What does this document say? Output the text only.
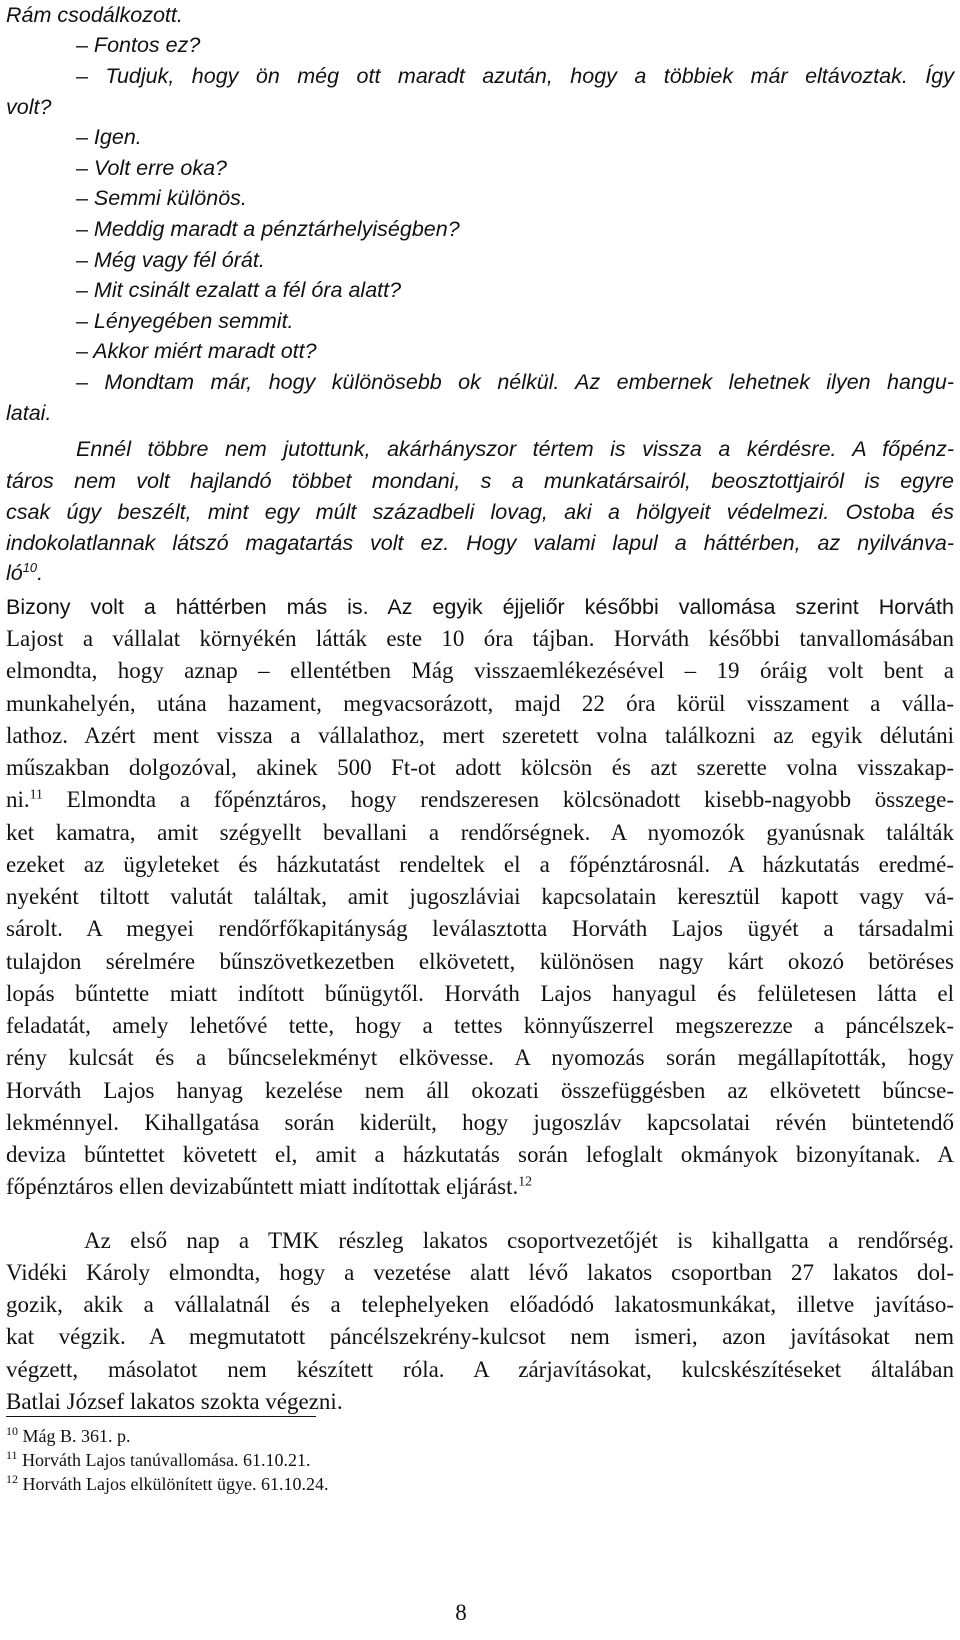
Rám csodálkozott.
– Fontos ez?
– Tudjuk, hogy ön még ott maradt azután, hogy a többiek már eltávoztak. Így
volt?
– Igen.
– Volt erre oka?
– Semmi különös.
– Meddig maradt a pénztárhelyiségben?
– Még vagy fél órát.
– Mit csinált ezalatt a fél óra alatt?
– Lényegében semmit.
– Akkor miért maradt ott?
– Mondtam már, hogy különösebb ok nélkül. Az embernek lehetnek ilyen hangu-
latai.
Ennél többre nem jutottunk, akárhányszor tértem is vissza a kérdésre. A főpénz-
táros nem volt hajlandó többet mondani, s a munkatársairól, beosztottjairól is egyre
csak úgy beszélt, mint egy múlt századbeli lovag, aki a hölgyeit védelmezi. Ostoba és
indokolatlannak látszó magatartás volt ez. Hogy valami lapul a háttérben, az nyilvánva-
$ló^{10}$.
Bizony volt a háttérben más is. Az egyik éjjeliőr későbbi vallomása szerint Horváth
Lajost a vállalat környékén látták este 10 óra tájban. Horváth későbbi tanvallomásában
elmondta, hogy aznap – ellentétben Mág visszaemlékezésével – 19 óráig volt bent a
munkahelyén, utána hazament, megvacsorázott, majd 22 óra körül visszament a válla-
lathoz. Azért ment vissza a vállalathoz, mert szeretett volna találkozni az egyik délutáni
műszakban dolgozóval, akinek 500 Ft-ot adott kölcsön és azt szerette volna visszakap-
ni.$^{11}$ Elmondta a főpénztáros, hogy rendszeresen kölcsönadott kisebb-nagyobb összege-
ket kamatra, amit szégyellt bevallani a rendőrségnek. A nyomozók gyanúsnak találták
ezeket az ügyleteket és házkutatást rendeltek el a főpénztárosnál. A házkutatás eredmé-
nyeként tiltott valutát találtak, amit jugoszláviai kapcsolatain keresztül kapott vagy vá-
sárolt. A megyei rendőrfőkapitányság leválasztotta Horváth Lajos ügyét a társadalmi
tulajdon sérelmére bűnszövetkezetben elkövetett, különösen nagy kárt okozó betöréses
lopás bűntette miatt indított bűnügytől. Horváth Lajos hanyagul és felületesen látta el
feladatát, amely lehetővé tette, hogy a tettes könnyűszerrel megszerezze a páncélszek-
rény kulcsát és a bűncselekményt elkövesse. A nyomozás során megállapították, hogy
Horváth Lajos hanyag kezelése nem áll okozati összefüggésben az elkövetett bűncse-
lekménnyel. Kihallgatása során kiderült, hogy jugoszláv kapcsolatai révén büntetendő
deviza bűntettet követett el, amit a házkutatás során lefoglalt okmányok bizonyítanak. A
főpénztáros ellen devizabűntett miatt indítottak eljárást.$^{12}$
Az első nap a TMK részleg lakatos csoportvezetőjét is kihallgatta a rendőrség.
Vidéki Károly elmondta, hogy a vezetése alatt lévő lakatos csoportban 27 lakatos dol-
gozik, akik a vállalatnál és a telephelyeken előadódó lakatosmunkákat, illetve javításo-
kat végzik. A megmutatott páncélszekrény-kulcsot nem ismeri, azon javításokat nem
végzett, másolatot nem készített róla. A zárjavításokat, kulcskészítéseket általában
Batlai József lakatos szokta végezni.
$^{10}$ Mág B. 361. p.
$^{11}$ Horváth Lajos tanúvallomása. 61.10.21.
$^{12}$ Horváth Lajos elkülönített ügye. 61.10.24.
8
